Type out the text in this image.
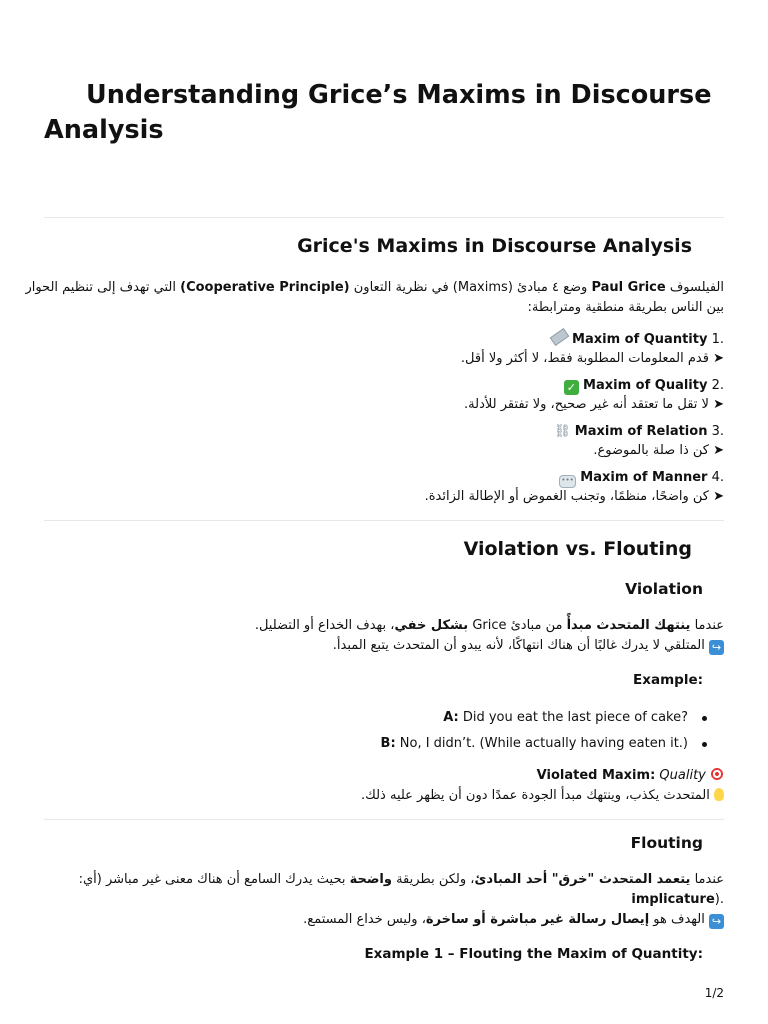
Understanding Grice’s Maxims in Discourse
Analysis
Grice's Maxims in Discourse Analysis
الفيلسوف Paul Grice وضع ٤ مبادئ (Maxims) في نظرية التعاون (Cooperative Principle) التي تهدف إلى تنظيم الحوار
بين الناس بطريقة منطقية ومترابطة:
Maxim of Quantity 1.
➤ قدم المعلومات المطلوبة فقط، لا أكثر ولا أقل.
✓ Maxim of Quality 2.
➤ لا تقل ما تعتقد أنه غير صحيح، ولا تفتقر للأدلة.
⛓ Maxim of Relation 3.
➤ كن ذا صلة بالموضوع.
••• Maxim of Manner 4.
➤ كن واضحًا، منظمًا، وتجنب الغموض أو الإطالة الزائدة.
Violation vs. Flouting
Violation
عندما ينتهك المتحدث مبدأً من مبادئ Grice بشكل خفي، بهدف الخداع أو التضليل.
↪ المتلقي لا يدرك غالبًا أن هناك انتهاكًا، لأنه يبدو أن المتحدث يتبع المبدأ.
Example:
A: Did you eat the last piece of cake?
B: No, I didn’t. (While actually having eaten it.)
Violated Maxim: Quality
المتحدث يكذب، وينتهك مبدأ الجودة عمدًا دون أن يظهر عليه ذلك.
Flouting
عندما يتعمد المتحدث "خرق" أحد المبادئ، ولكن بطريقة واضحة بحيث يدرك السامع أن هناك معنى غير مباشر (أي:
implicature).
↪ الهدف هو إيصال رسالة غير مباشرة أو ساخرة، وليس خداع المستمع.
Example 1 – Flouting the Maxim of Quantity:
1/2
